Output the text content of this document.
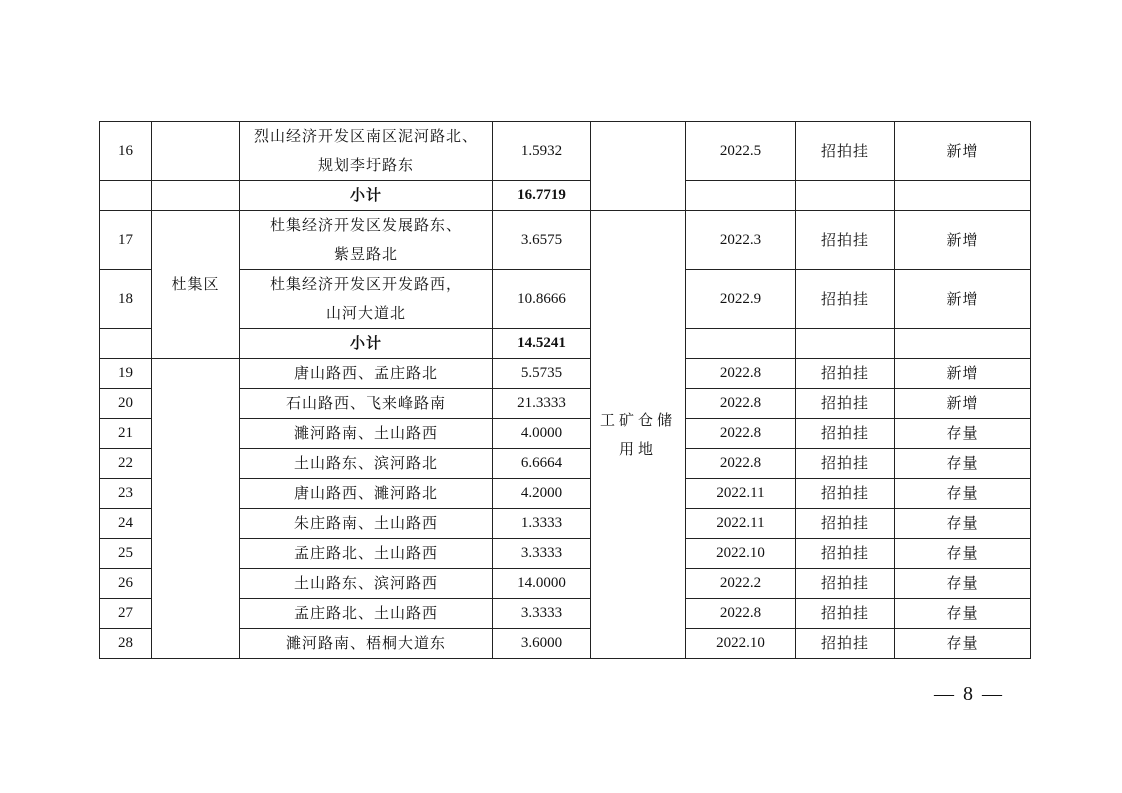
16		烈山经济开发区南区泥河路北、
规划李圩路东	1.5932		2022.5	招拍挂	新增
		小计	16.7719				
17	杜集区	杜集经济开发区发展路东、
紫昱路北	3.6575	工矿仓储
用地	2022.3	招拍挂	新增
18		杜集经济开发区开发路西，
山河大道北	10.8666		2022.9	招拍挂	新增
		小计	14.5241				
19		唐山路西、孟庄路北	5.5735		2022.8	招拍挂	新增
20		石山路西、飞来峰路南	21.3333		2022.8	招拍挂	新增
21		濉河路南、土山路西	4.0000		2022.8	招拍挂	存量
22		土山路东、滨河路北	6.6664		2022.8	招拍挂	存量
23		唐山路西、濉河路北	4.2000		2022.11	招拍挂	存量
24		朱庄路南、土山路西	1.3333		2022.11	招拍挂	存量
25		孟庄路北、土山路西	3.3333		2022.10	招拍挂	存量
26		土山路东、滨河路西	14.0000		2022.2	招拍挂	存量
27		孟庄路北、土山路西	3.3333		2022.8	招拍挂	存量
28		濉河路南、梧桐大道东	3.6000		2022.10	招拍挂	存量
— 8 —
